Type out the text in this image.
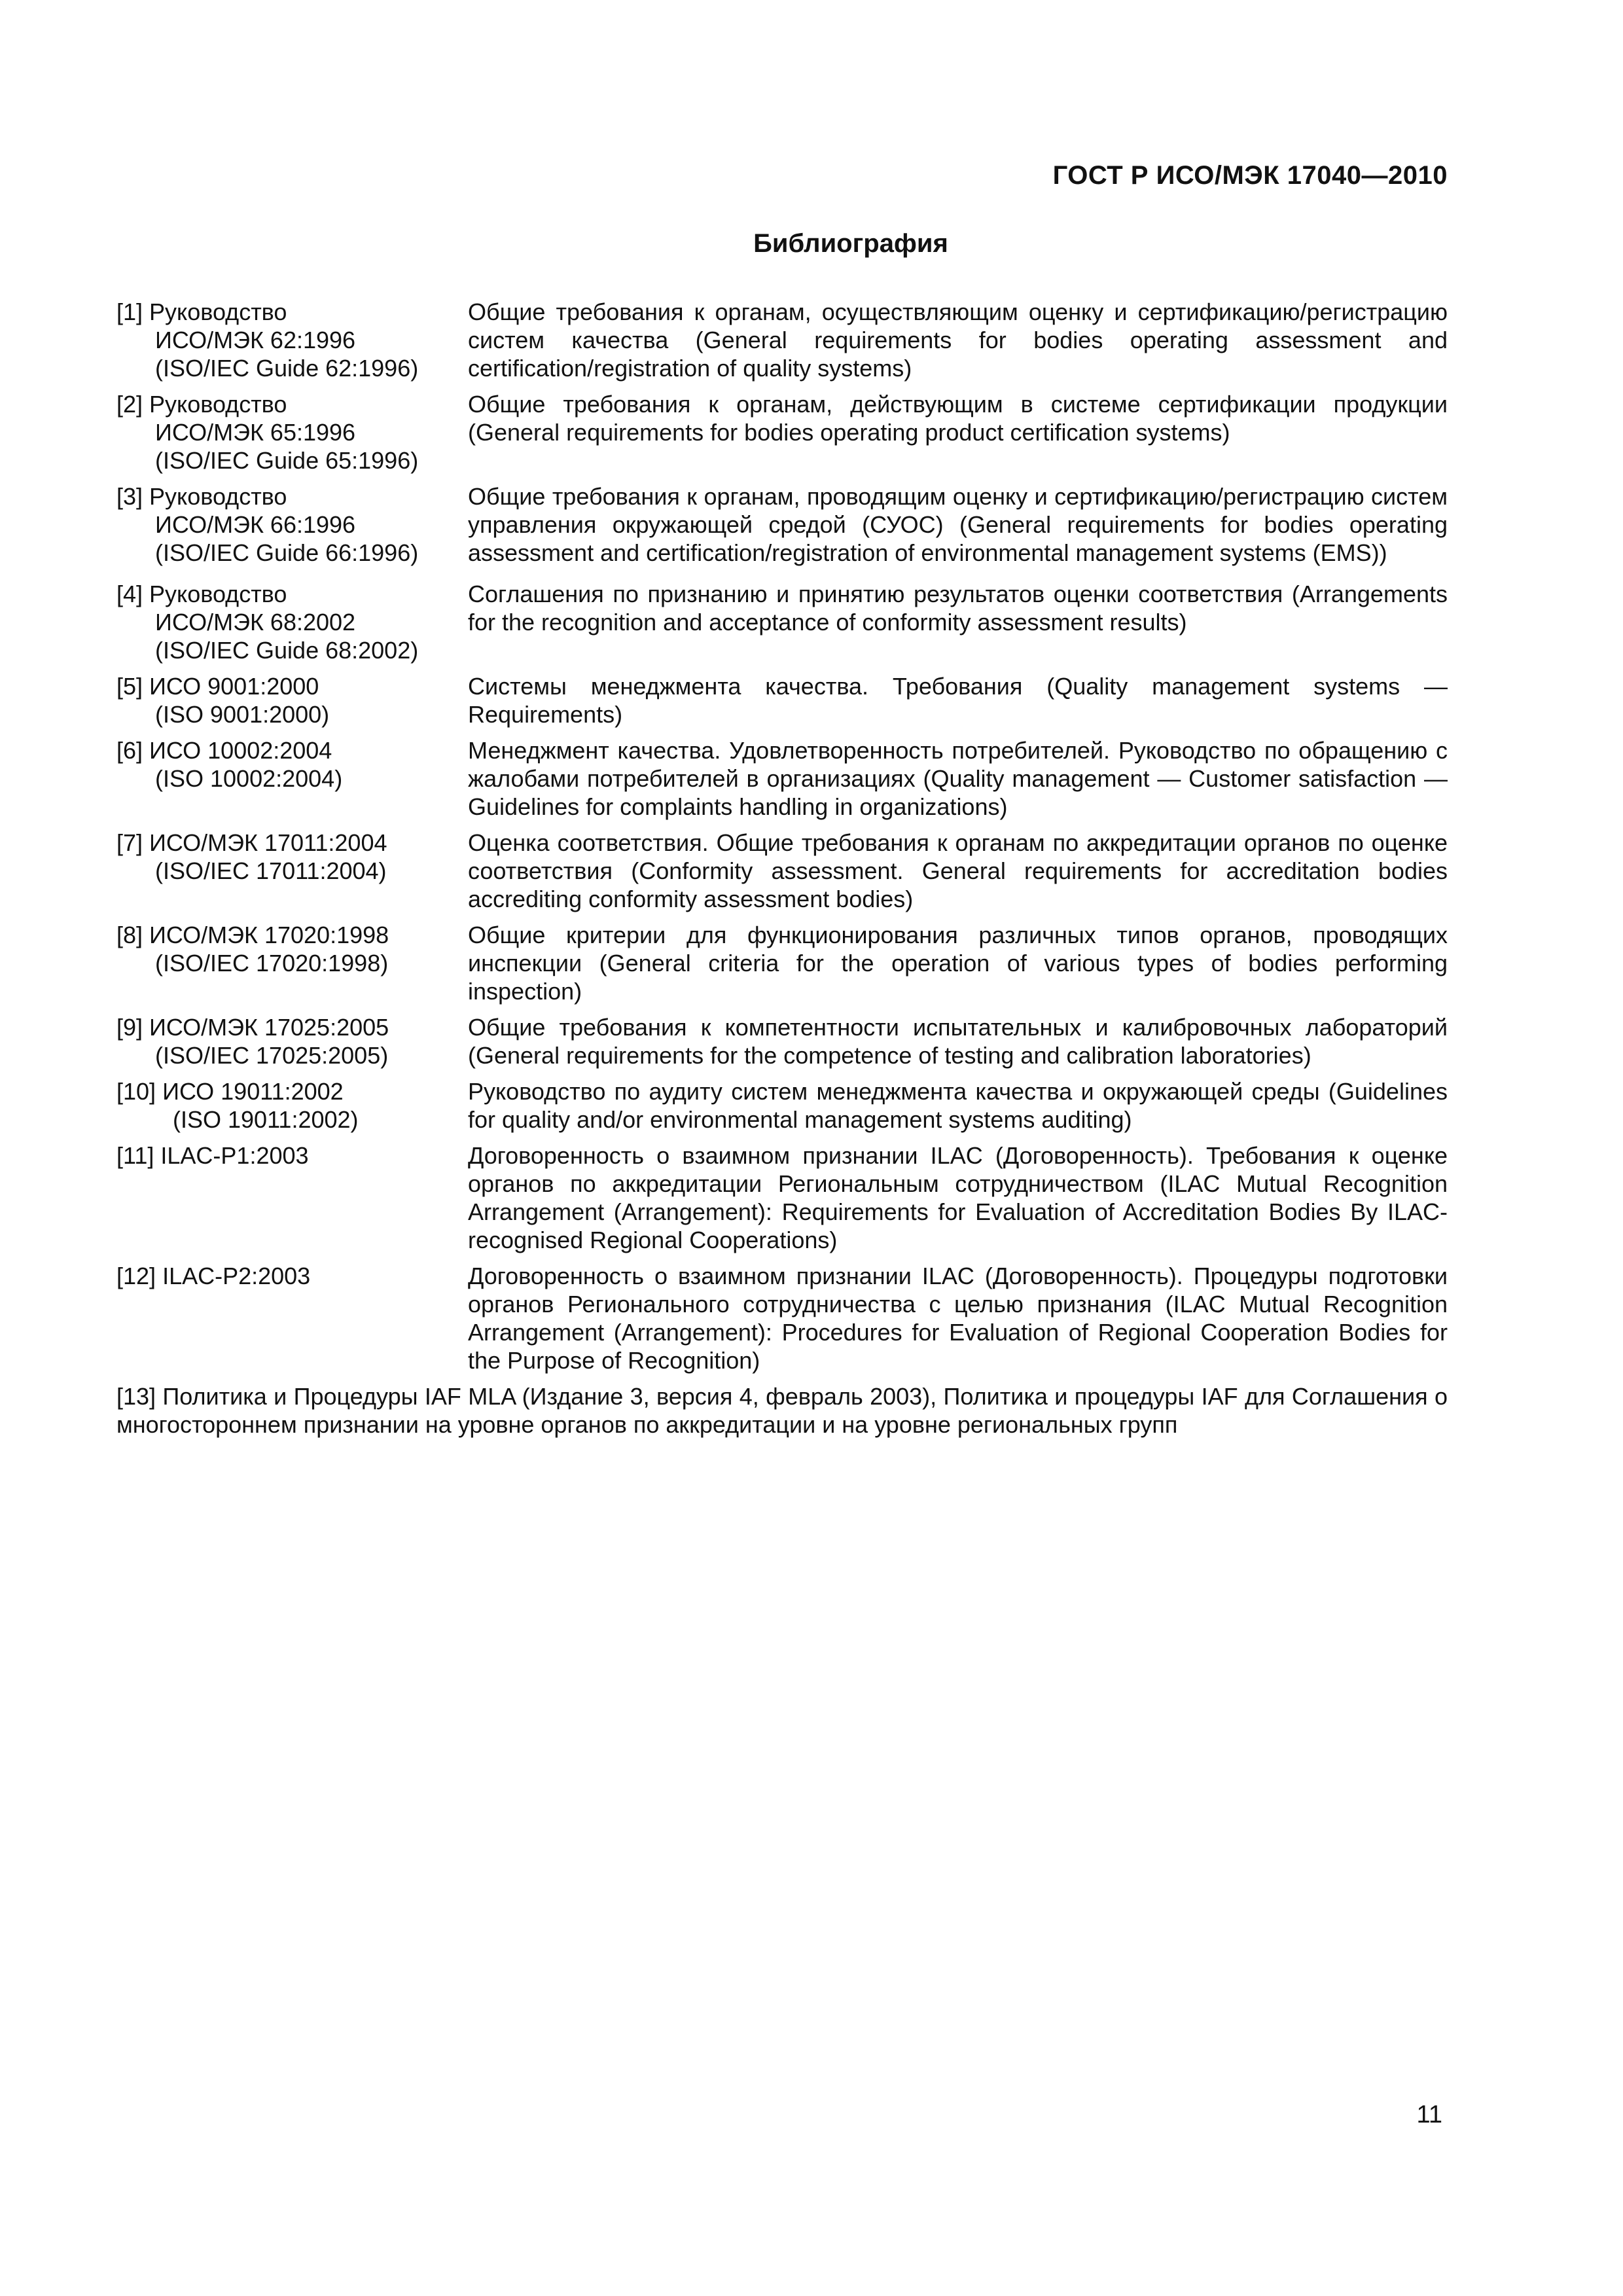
ГОСТ Р ИСО/МЭК 17040—2010
Библиография
[1] Руководство
ИСО/МЭК 62:1996
(ISO/IEC Guide 62:1996)
Общие требования к органам, осуществляющим оценку и сертификацию/регистрацию систем качества (General requirements for bodies operating assessment and certification/registration of quality systems)
[2] Руководство
ИСО/МЭК 65:1996
(ISO/IEC Guide 65:1996)
Общие требования к органам, действующим в системе сертификации продукции (General requirements for bodies operating product certification systems)
[3] Руководство
ИСО/МЭК 66:1996
(ISO/IEC Guide 66:1996)
Общие требования к органам, проводящим оценку и сертификацию/регистрацию систем управления окружающей средой (СУОС) (General requirements for bodies operating assessment and certification/registration of environmental management systems (EMS))
[4] Руководство
ИСО/МЭК 68:2002
(ISO/IEC Guide 68:2002)
Соглашения по признанию и принятию результатов оценки соответствия (Arrangements for the recognition and acceptance of conformity assessment results)
[5] ИСО 9001:2000
(ISO 9001:2000)
Системы менеджмента качества. Требования (Quality management systems — Requirements)
[6] ИСО 10002:2004
(ISO 10002:2004)
Менеджмент качества. Удовлетворенность потребителей. Руководство по обращению с жалобами потребителей в организациях (Quality management — Customer satisfaction — Guidelines for complaints handling in organizations)
[7] ИСО/МЭК 17011:2004
(ISO/IEC 17011:2004)
Оценка соответствия. Общие требования к органам по аккредитации органов по оценке соответствия (Conformity assessment. General requirements for accreditation bodies accrediting conformity assessment bodies)
[8] ИСО/МЭК 17020:1998
(ISO/IEC 17020:1998)
Общие критерии для функционирования различных типов органов, проводящих инспекции (General criteria for the operation of various types of bodies performing inspection)
[9] ИСО/МЭК 17025:2005
(ISO/IEC 17025:2005)
Общие требования к компетентности испытательных и калибровочных лабораторий (General requirements for the competence of testing and calibration laboratories)
[10] ИСО 19011:2002
(ISO 19011:2002)
Руководство по аудиту систем менеджмента качества и окружающей среды (Guidelines for quality and/or environmental management systems auditing)
[11] ILAC-P1:2003	Договоренность о взаимном признании ILAC (Договоренность). Требования к оценке органов по аккредитации Региональным сотрудничеством (ILAC Mutual Recognition Arrangement (Arrangement): Requirements for Evaluation of Accreditation Bodies By ILAC-recognised Regional Cooperations)
[12] ILAC-P2:2003	Договоренность о взаимном признании ILAC (Договоренность). Процедуры подготовки органов Регионального сотрудничества с целью признания (ILAC Mutual Recognition Arrangement (Arrangement): Procedures for Evaluation of Regional Cooperation Bodies for the Purpose of Recognition)
[13] Политика и Процедуры IAF MLA (Издание 3, версия 4, февраль 2003), Политика и процедуры IAF для Соглашения о многостороннем признании на уровне органов по аккредитации и на уровне региональных групп
11
